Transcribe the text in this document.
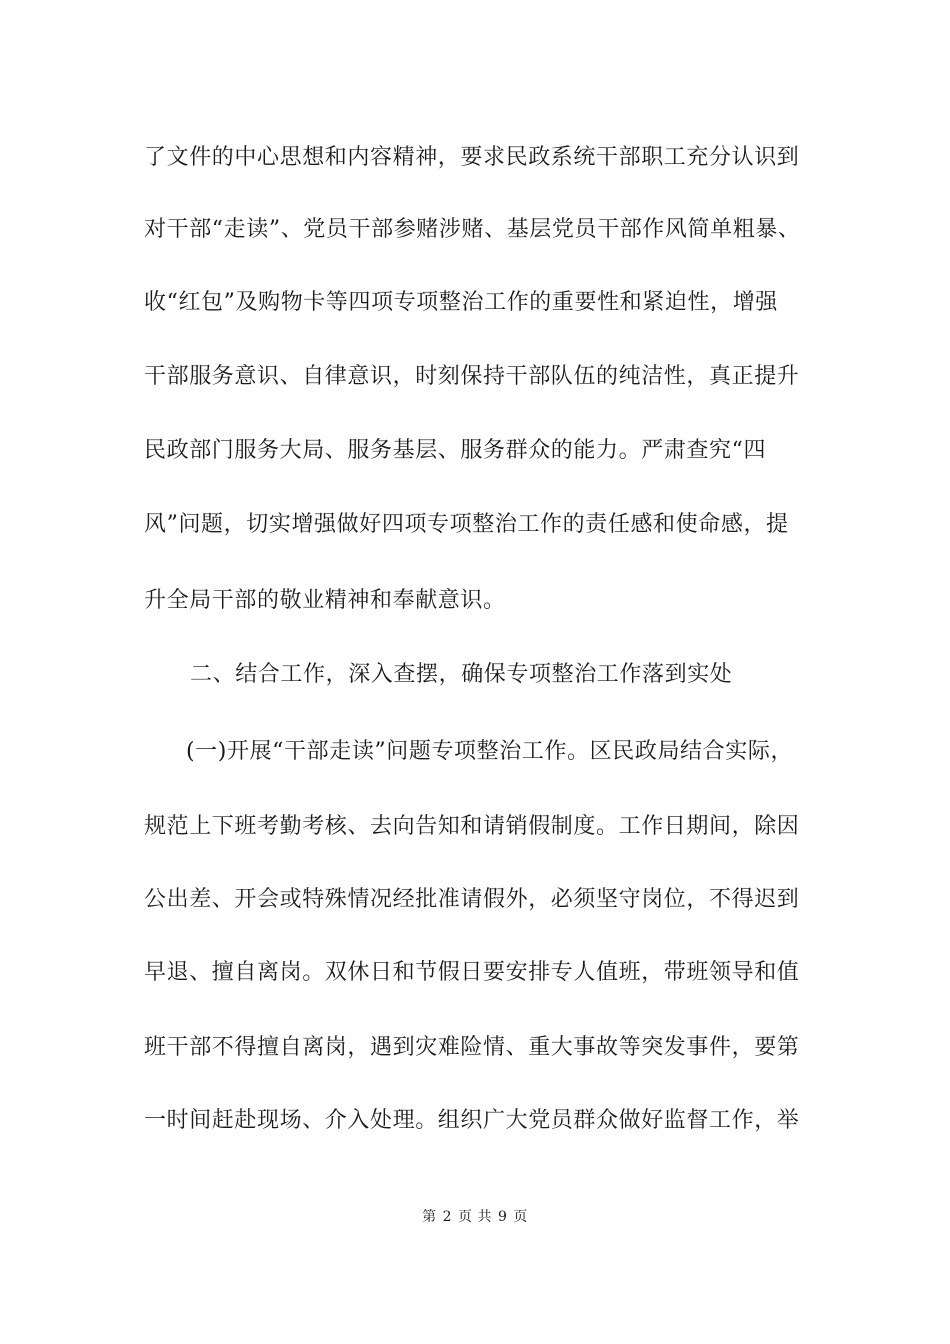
了文件的中心思想和内容精神，要求民政系统干部职工充分认识到
对干部“走读”、党员干部参赌涉赌、基层党员干部作风简单粗暴、
收“红包”及购物卡等四项专项整治工作的重要性和紧迫性，增强
干部服务意识、自律意识，时刻保持干部队伍的纯洁性，真正提升
民政部门服务大局、服务基层、服务群众的能力。严肃查究“四
风”问题，切实增强做好四项专项整治工作的责任感和使命感，提
升全局干部的敬业精神和奉献意识。
二、结合工作，深入查摆，确保专项整治工作落到实处
(一)开展“干部走读”问题专项整治工作。区民政局结合实际，
规范上下班考勤考核、去向告知和请销假制度。工作日期间，除因
公出差、开会或特殊情况经批准请假外，必须坚守岗位，不得迟到
早退、擅自离岗。双休日和节假日要安排专人值班，带班领导和值
班干部不得擅自离岗，遇到灾难险情、重大事故等突发事件，要第
一时间赶赴现场、介入处理。组织广大党员群众做好监督工作，举
第 2 页 共 9 页
